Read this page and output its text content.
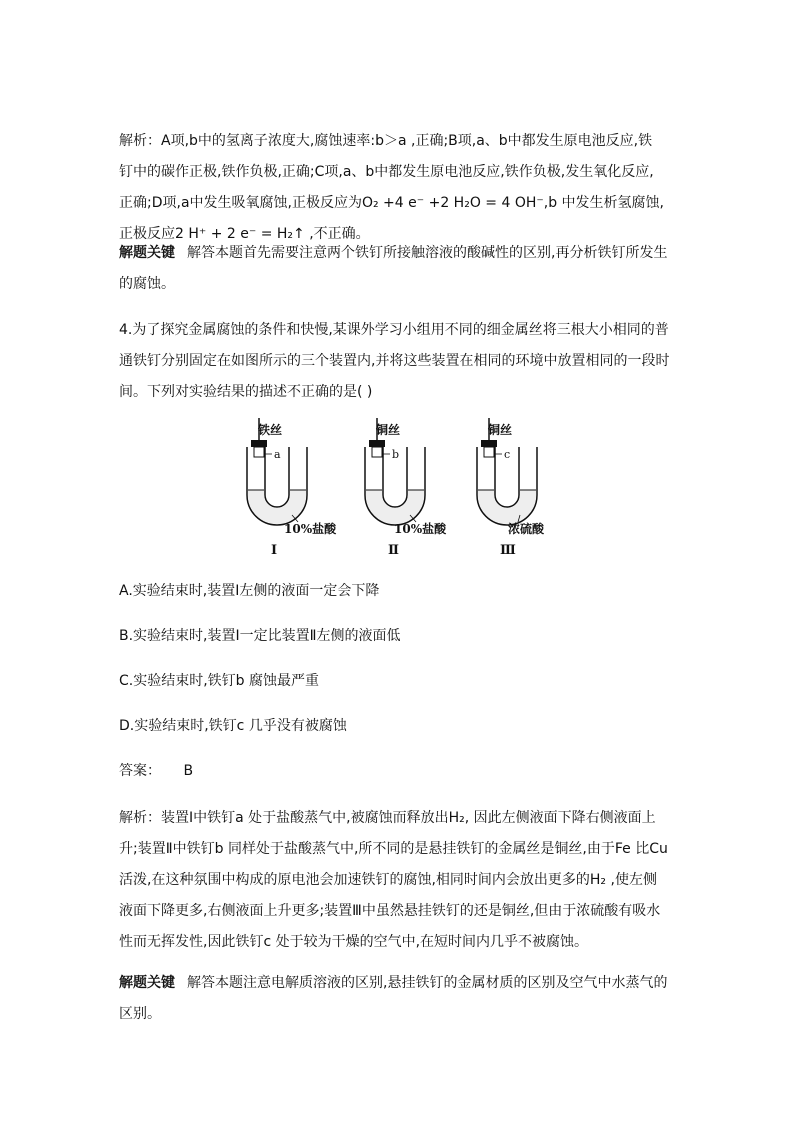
解析：A项,b中的氢离子浓度大,腐蚀速率:b＞a ,正确;B项,a、b中都发生原电池反应,铁
钉中的碳作正极,铁作负极,正确;C项,a、b中都发生原电池反应,铁作负极,发生氧化反应,
正确;D项,a中发生吸氧腐蚀,正极反应为O₂ +4 e⁻ +2 H₂O = 4 OH⁻,b 中发生析氢腐蚀,
正极反应2 H⁺ + 2 e⁻ = H₂↑ ,不正确。

解题关键 解答本题首先需要注意两个铁钉所接触溶液的酸碱性的区别,再分析铁钉所发生
的腐蚀。

4.为了探究金属腐蚀的条件和快慢,某课外学习小组用不同的细金属丝将三根大小相同的普
通铁钉分别固定在如图所示的三个装置内,并将这些装置在相同的环境中放置相同的一段时
间。下列对实验结果的描述不正确的是( )

铁丝
a
10%盐酸
Ⅰ
铜丝
b
10%盐酸
Ⅱ
铜丝
c
浓硫酸
Ⅲ
A.实验结束时,装置Ⅰ左侧的液面一定会下降
B.实验结束时,装置Ⅰ一定比装置Ⅱ左侧的液面低
C.实验结束时,铁钉b 腐蚀最严重
D.实验结束时,铁钉c 几乎没有被腐蚀
答案： B

解析：装置Ⅰ中铁钉a 处于盐酸蒸气中,被腐蚀而释放出H₂, 因此左侧液面下降右侧液面上
升;装置Ⅱ中铁钉b 同样处于盐酸蒸气中,所不同的是悬挂铁钉的金属丝是铜丝,由于Fe 比Cu
活泼,在这种氛围中构成的原电池会加速铁钉的腐蚀,相同时间内会放出更多的H₂ ,使左侧
液面下降更多,右侧液面上升更多;装置Ⅲ中虽然悬挂铁钉的还是铜丝,但由于浓硫酸有吸水
性而无挥发性,因此铁钉c 处于较为干燥的空气中,在短时间内几乎不被腐蚀。

解题关键 解答本题注意电解质溶液的区别,悬挂铁钉的金属材质的区别及空气中水蒸气的
区别。
